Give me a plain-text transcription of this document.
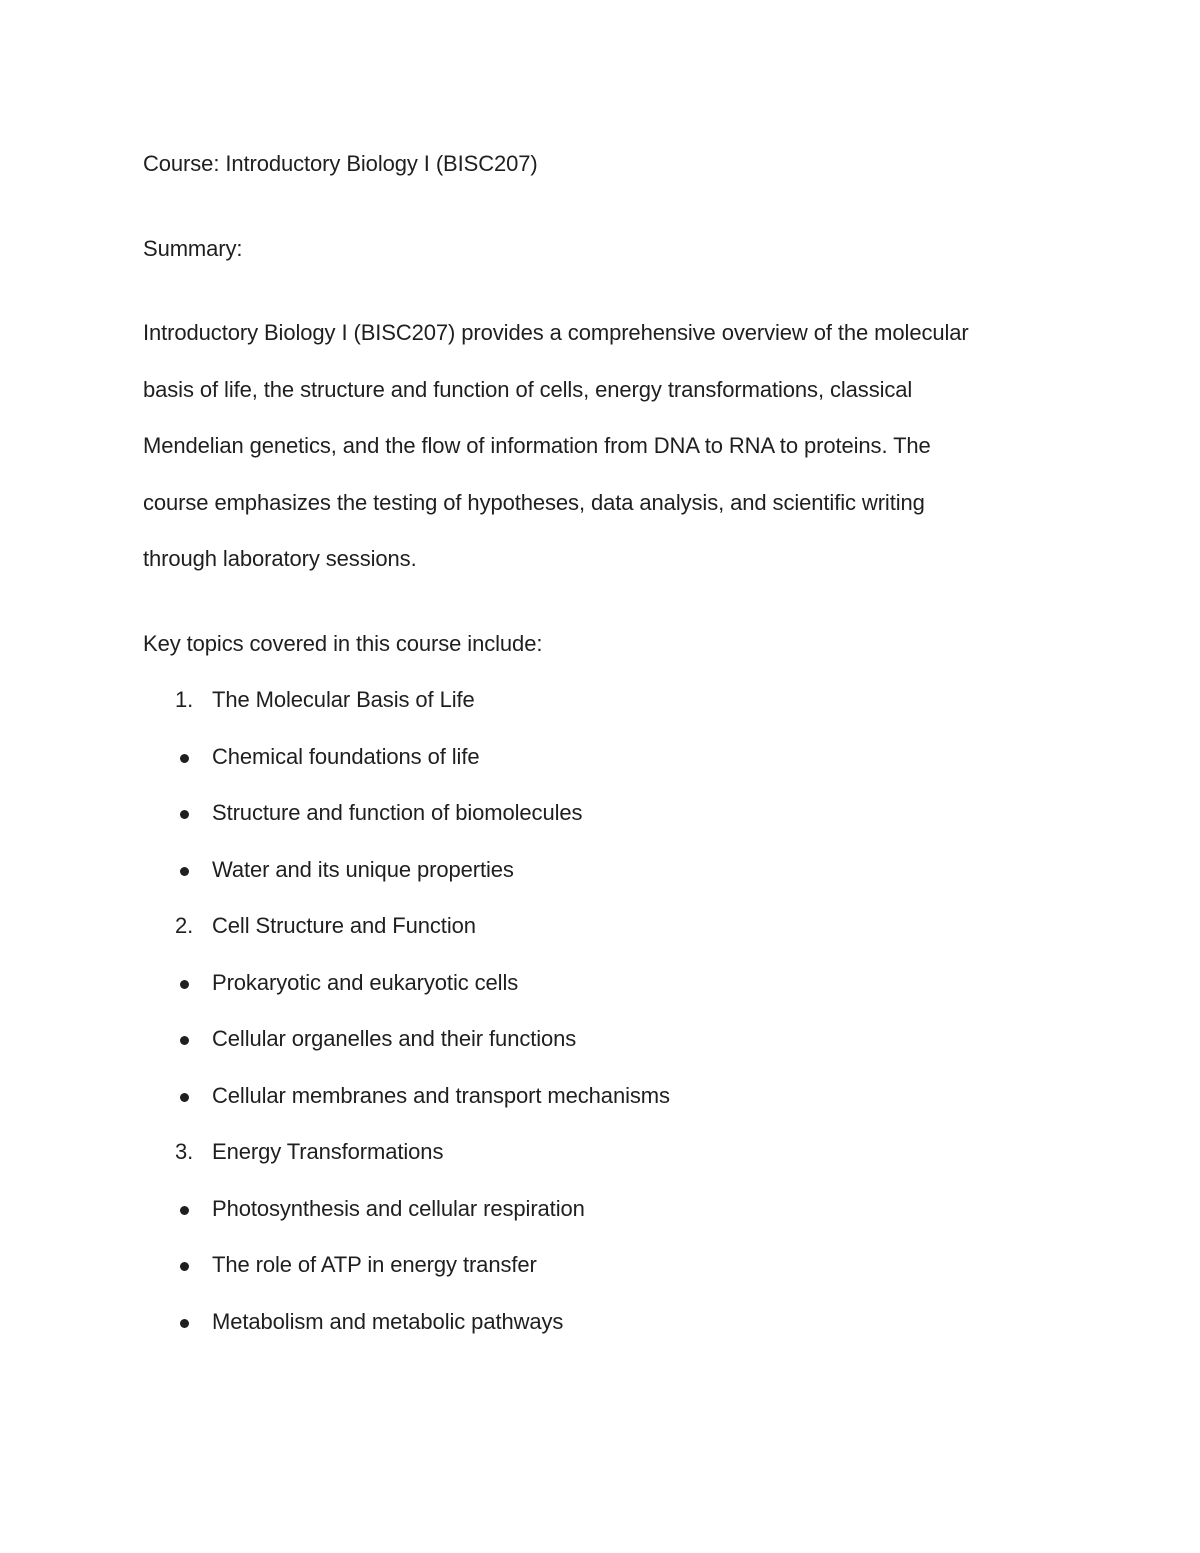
Course: Introductory Biology I (BISC207)

Summary:

Introductory Biology I (BISC207) provides a comprehensive overview of the molecular
basis of life, the structure and function of cells, energy transformations, classical
Mendelian genetics, and the flow of information from DNA to RNA to proteins. The
course emphasizes the testing of hypotheses, data analysis, and scientific writing
through laboratory sessions.

Key topics covered in this course include:

1. The Molecular Basis of Life
Chemical foundations of life
Structure and function of biomolecules
Water and its unique properties
2. Cell Structure and Function
Prokaryotic and eukaryotic cells
Cellular organelles and their functions
Cellular membranes and transport mechanisms
3. Energy Transformations
Photosynthesis and cellular respiration
The role of ATP in energy transfer
Metabolism and metabolic pathways
